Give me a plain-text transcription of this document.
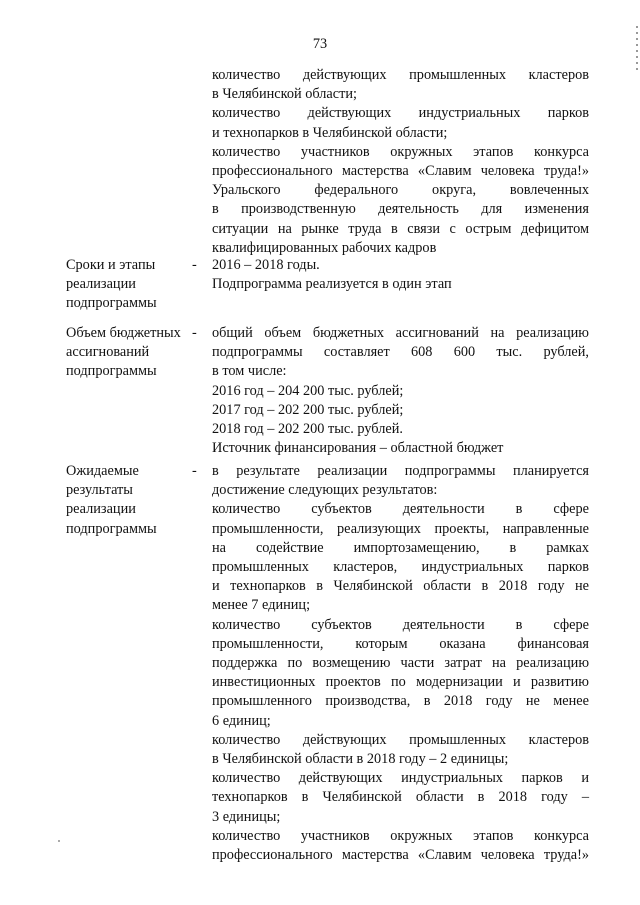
73
количество действующих промышленных кластеров
в Челябинской области;
количество действующих индустриальных парков
и технопарков в Челябинской области;
количество участников окружных этапов конкурса
профессионального мастерства «Славим человека труда!»
Уральского федерального округа, вовлеченных
в производственную деятельность для изменения
ситуации на рынке труда в связи с острым дефицитом
квалифицированных рабочих кадров
Сроки и этапы реализации подпрограммы
- 2016 – 2018 годы.
Подпрограмма реализуется в один этап
Объем бюджетных ассигнований подпрограммы
- общий объем бюджетных ассигнований на реализацию
подпрограммы составляет 608 600 тыс. рублей,
в том числе:
2016 год – 204 200 тыс. рублей;
2017 год – 202 200 тыс. рублей;
2018 год – 202 200 тыс. рублей.
Источник финансирования – областной бюджет
Ожидаемые результаты реализации подпрограммы
- в результате реализации подпрограммы планируется
достижение следующих результатов:
количество субъектов деятельности в сфере
промышленности, реализующих проекты, направленные
на содействие импортозамещению, в рамках
промышленных кластеров, индустриальных парков
и технопарков в Челябинской области в 2018 году не
менее 7 единиц;
количество субъектов деятельности в сфере
промышленности, которым оказана финансовая
поддержка по возмещению части затрат на реализацию
инвестиционных проектов по модернизации и развитию
промышленного производства, в 2018 году не менее
6 единиц;
количество действующих промышленных кластеров
в Челябинской области в 2018 году – 2 единицы;
количество действующих индустриальных парков и
технопарков в Челябинской области в 2018 году –
3 единицы;
количество участников окружных этапов конкурса
профессионального мастерства «Славим человека труда!»
